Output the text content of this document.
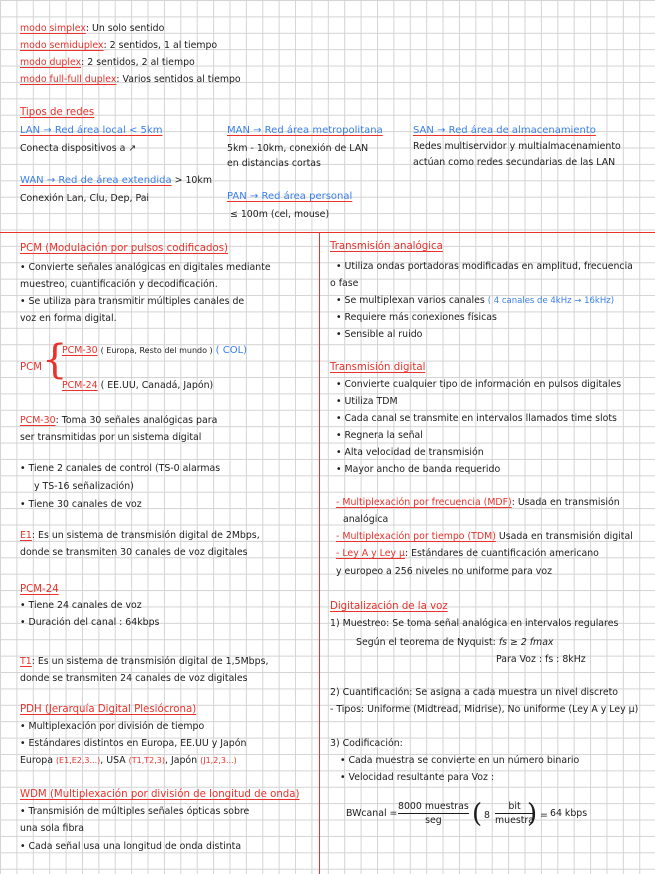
modo simplex: Un solo sentido
modo semiduplex: 2 sentidos, 1 al tiempo
modo duplex: 2 sentidos, 2 al tiempo
modo full-full duplex: Varios sentidos al tiempo
Tipos de redes
LAN → Red área local < 5km
Conecta dispositivos a ↗
MAN → Red área metropolitana
5km - 10km, conexión de LAN
en distancias cortas
SAN → Red área de almacenamiento
Redes multiservidor y multialmacenamiento
actúan como redes secundarias de las LAN
WAN → Red de área extendida > 10km
Conexión Lan, Clu, Dep, Pai	PAN → Red área personal
≤ 100m (cel, mouse)
PCM (Modulación por pulsos codificados)
• Convierte señales analógicas en digitales mediante
muestreo, cuantificación y decodificación.
• Se utiliza para transmitir múltiples canales de
voz en forma digital.
PCM {
PCM-30 ( Europa, Resto del mundo ) ( COL)
PCM-24 ( EE.UU, Canadá, Japón)
PCM-30: Toma 30 señales analógicas para
ser transmitidas por un sistema digital
• Tiene 2 canales de control (TS-0 alarmas
y TS-16 señalización)
• Tiene 30 canales de voz
E1: Es un sistema de transmisión digital de 2Mbps,
donde se transmiten 30 canales de voz digitales
PCM-24
• Tiene 24 canales de voz
• Duración del canal : 64kbps
T1: Es un sistema de transmisión digital de 1,5Mbps,
donde se transmiten 24 canales de voz digitales
PDH (Jerarquía Digital Plesiócrona)
• Multiplexación por división de tiempo
• Estándares distintos en Europa, EE.UU y Japón
Europa (E1,E2,3...), USA (T1,T2,3), Japón (J1,2,3...)
WDM (Multiplexación por división de longitud de onda)
• Transmisión de múltiples señales ópticas sobre
una sola fibra
• Cada señal usa una longitud de onda distinta
Transmisión analógica
• Utiliza ondas portadoras modificadas en amplitud, frecuencia
o fase
• Se multiplexan varios canales ( 4 canales de 4kHz → 16kHz)
• Requiere más conexiones físicas
• Sensible al ruido
Transmisión digital
• Convierte cualquier tipo de información en pulsos digitales
• Utiliza TDM
• Cada canal se transmite en intervalos llamados time slots
• Regnera la señal
• Alta velocidad de transmisión
• Mayor ancho de banda requerido
- Multiplexación por frecuencia (MDF): Usada en transmisión
analógica
- Multiplexación por tiempo (TDM) Usada en transmisión digital
- Ley A y Ley μ: Estándares de cuantificación americano
y europeo a 256 niveles no uniforme para voz
Digitalización de la voz
1) Muestreo: Se toma señal analógica en intervalos regulares
Según el teorema de Nyquist: fs ≥ 2 fmax
Para Voz : fs : 8kHz
2) Cuantificación: Se asigna a cada muestra un nivel discreto
- Tipos: Uniforme (Midtread, Midrise), No uniforme (Ley A y Ley μ)
3) Codificación:
• Cada muestra se convierte en un número binario
• Velocidad resultante para Voz :
BWcanal =
8000 muestras
seg ( 8
bit
muestra
) = 64 kbps
